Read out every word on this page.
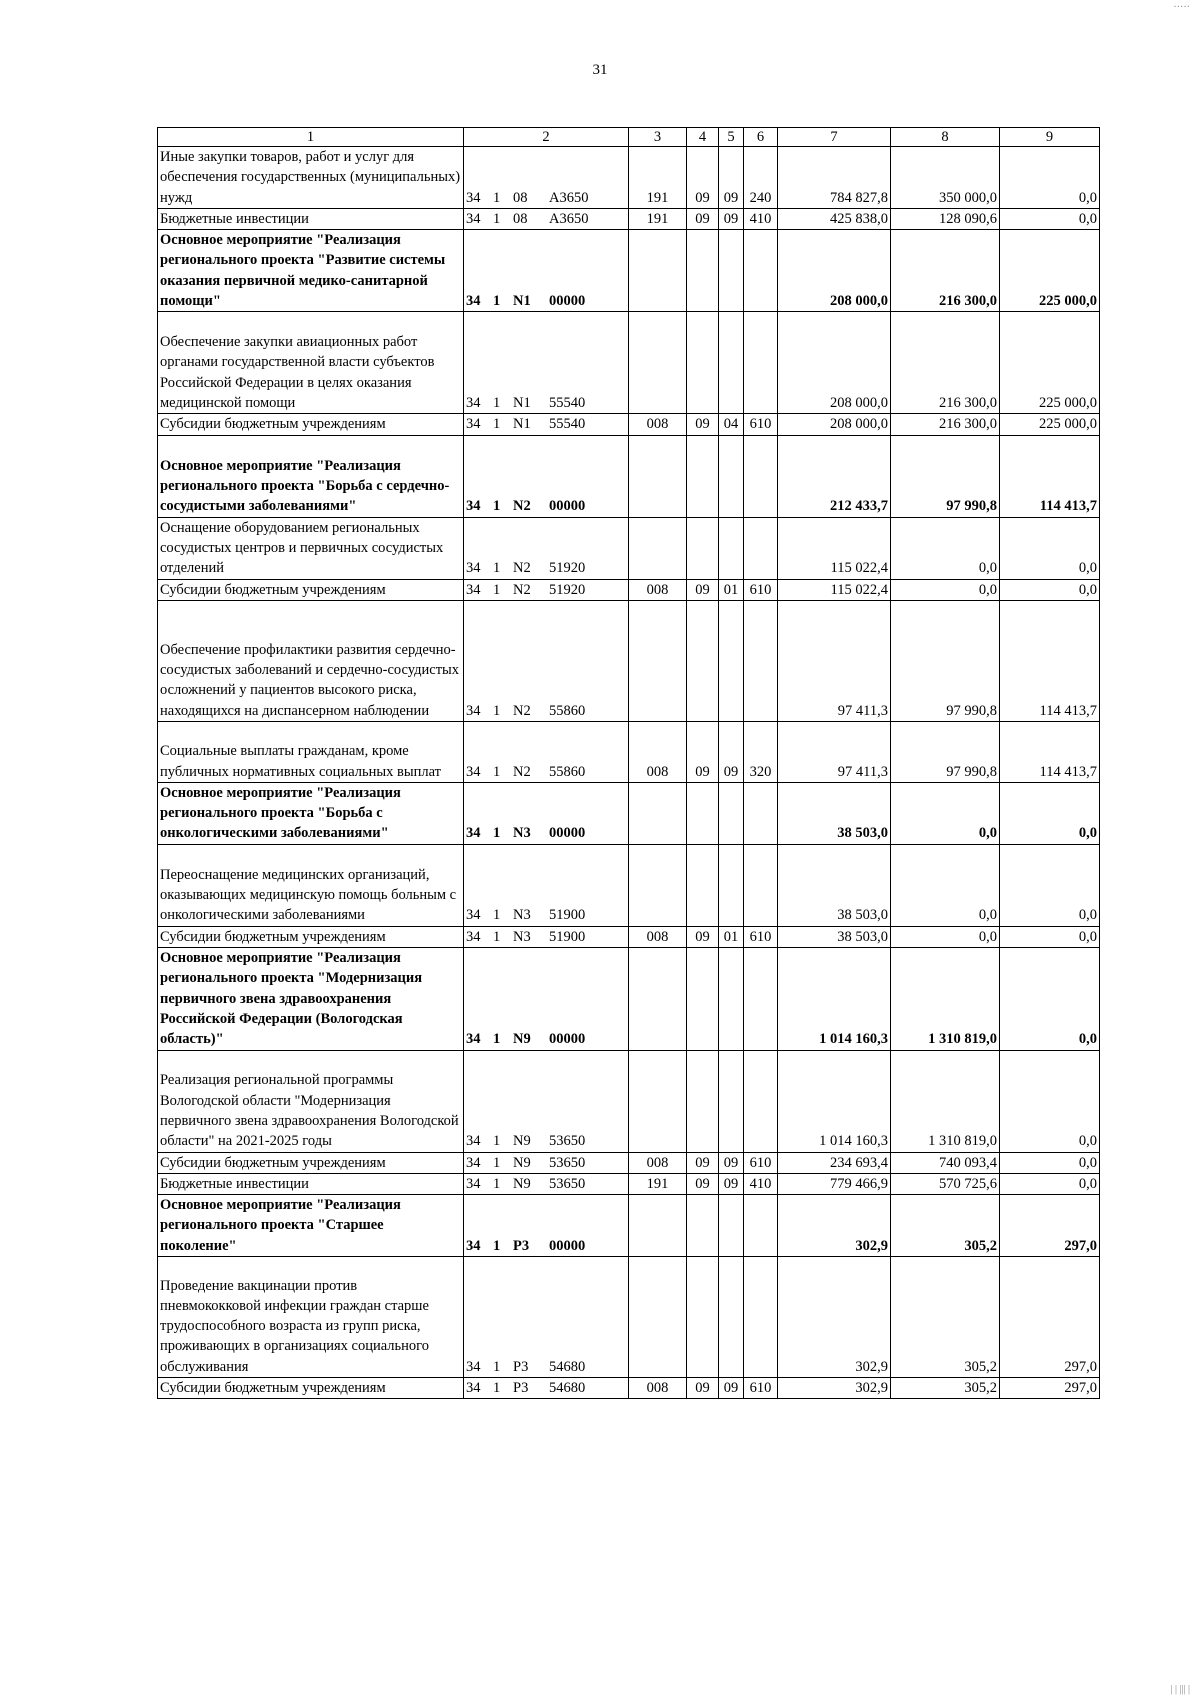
31
1	2	3	4	5	6	7	8	9
Иные закупки товаров, работ и услуг для обеспечения государственных (муниципальных) нужд	34 1 08 А3650	191	09	09	240	784 827,8	350 000,0	0,0
Бюджетные инвестиции	34 1 08 А3650	191	09	09	410	425 838,0	128 090,6	0,0
Основное мероприятие "Реализация регионального проекта "Развитие системы оказания первичной медико-санитарной помощи"	34 1 N1 00000					208 000,0	216 300,0	225 000,0
Обеспечение закупки авиационных работ органами государственной власти субъектов Российской Федерации в целях оказания медицинской помощи	34 1 N1 55540					208 000,0	216 300,0	225 000,0
Субсидии бюджетным учреждениям	34 1 N1 55540	008	09	04	610	208 000,0	216 300,0	225 000,0
Основное мероприятие "Реализация регионального проекта "Борьба с сердечно-сосудистыми заболеваниями"	34 1 N2 00000					212 433,7	97 990,8	114 413,7
Оснащение оборудованием региональных сосудистых центров и первичных сосудистых отделений	34 1 N2 51920					115 022,4	0,0	0,0
Субсидии бюджетным учреждениям	34 1 N2 51920	008	09	01	610	115 022,4	0,0	0,0
Обеспечение профилактики развития сердечно-сосудистых заболеваний и сердечно-сосудистых осложнений у пациентов высокого риска, находящихся на диспансерном наблюдении	34 1 N2 55860					97 411,3	97 990,8	114 413,7
Социальные выплаты гражданам, кроме публичных нормативных социальных выплат	34 1 N2 55860	008	09	09	320	97 411,3	97 990,8	114 413,7
Основное мероприятие "Реализация регионального проекта "Борьба с онкологическими заболеваниями"	34 1 N3 00000					38 503,0	0,0	0,0
Переоснащение медицинских организаций, оказывающих медицинскую помощь больным с онкологическими заболеваниями	34 1 N3 51900					38 503,0	0,0	0,0
Субсидии бюджетным учреждениям	34 1 N3 51900	008	09	01	610	38 503,0	0,0	0,0
Основное мероприятие "Реализация регионального проекта "Модернизация первичного звена здравоохранения Российской Федерации (Вологодская область)"	34 1 N9 00000					1 014 160,3	1 310 819,0	0,0
Реализация региональной программы Вологодской области "Модернизация первичного звена здравоохранения Вологодской области" на 2021-2025 годы	34 1 N9 53650					1 014 160,3	1 310 819,0	0,0
Субсидии бюджетным учреждениям	34 1 N9 53650	008	09	09	610	234 693,4	740 093,4	0,0
Бюджетные инвестиции	34 1 N9 53650	191	09	09	410	779 466,9	570 725,6	0,0
Основное мероприятие "Реализация регионального проекта "Старшее поколение"	34 1 P3 00000					302,9	305,2	297,0
Проведение вакцинации против пневмококковой инфекции граждан старше трудоспособного возраста из групп риска, проживающих в организациях социального обслуживания	34 1 P3 54680					302,9	305,2	297,0
Субсидии бюджетным учреждениям	34 1 P3 54680	008	09	09	610	302,9	305,2	297,0
·····
| | ||| |
